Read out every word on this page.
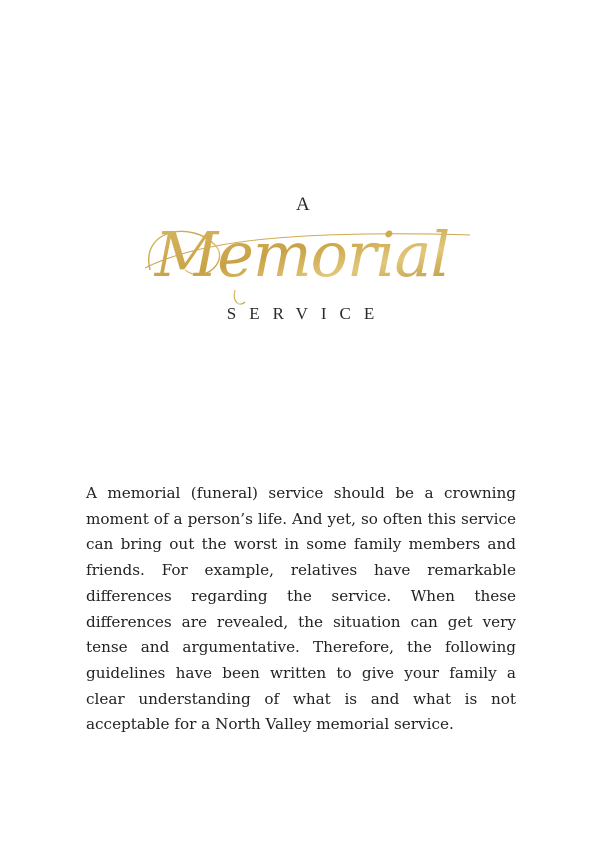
A
Memorial
SERVICE

A memorial (funeral) service should be a crowning moment of a person’s life. And yet, so often this service can bring out the worst in some family members and friends. For example, relatives have remarkable differences regarding the service. When these differences are revealed, the situation can get very tense and argumentative. Therefore, the following guidelines have been written to give your family a clear understanding of what is and what is not acceptable for a North Valley memorial service.
